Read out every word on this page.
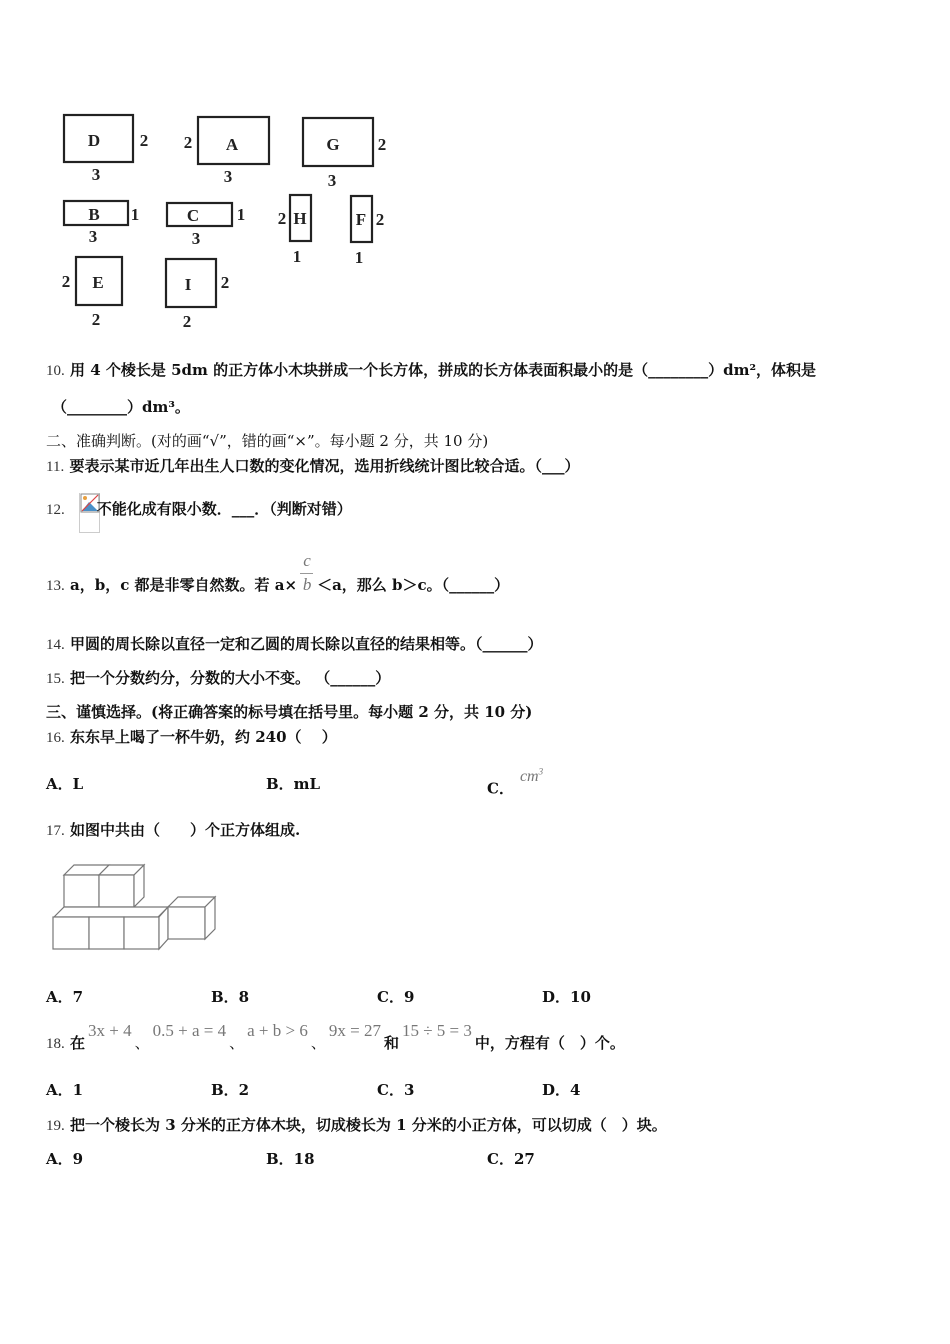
D
3
2	A
3
2	G
3
2
B
3
1	C
3
1	H
1
2	F
1
2
E
2
2	I
2
2
10. 用 4 个棱长是 5dm 的正方体小木块拼成一个长方体，拼成的长方体表面积最小的是（________）dm²，体积是
（________）dm³。
二、准确判断。(对的画“√”，错的画“×”。每小题 2 分，共 10 分)
11. 要表示某市近几年出生人口数的变化情况，选用折线统计图比较合适。（___）
12. 不能化成有限小数．___．（判断对错）
13. a，b，c 都是非零自然数。若 $a\times \frac{c}{b} <a$，那么 b＞c。（______）
14. 甲圆的周长除以直径一定和乙圆的周长除以直径的结果相等。（______）
15. 把一个分数约分，分数的大小不变。 （______）
三、谨慎选择。(将正确答案的标号填在括号里。每小题 2 分，共 10 分)
16. 东东早上喝了一杯牛奶，约 240（　 ）
A．L	B．mL	C．$cm^3$
17. 如图中共由（　　）个正方体组成.
A．7	B．8	C．9	D．10
18. 在3x + 4、0.5 + a = 4、a + b > 6、9x = 27和15 ÷ 5 = 3中，方程有（　）个。
A．1	B．2	C．3	D．4
19. 把一个棱长为 3 分米的正方体木块，切成棱长为 1 分米的小正方体，可以切成（　）块。
A．9	B．18	C．27
